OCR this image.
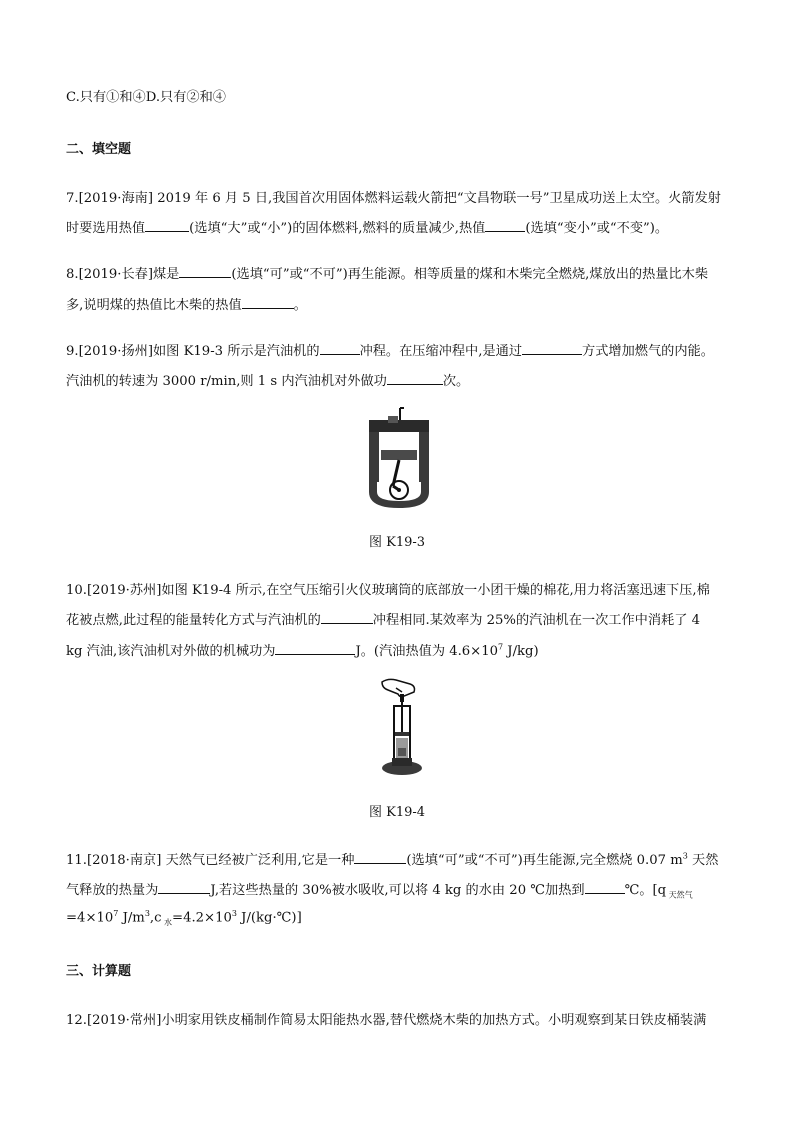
C.只有①和④D.只有②和④
二、填空题
7.[2019·海南] 2019 年 6 月 5 日,我国首次用固体燃料运载火箭把“文昌物联一号”卫星成功送上太空。火箭发射
时要选用热值	(选填“大”或“小”)的固体燃料,燃料的质量减少,热值	(选填“变小”或“不变”)。
8.[2019·长春]煤是	(选填“可”或“不可”)再生能源。相等质量的煤和木柴完全燃烧,煤放出的热量比木柴
多,说明煤的热值比木柴的热值	。
9.[2019·扬州]如图 K19-3 所示是汽油机的	冲程。在压缩冲程中,是通过	方式增加燃气的内能。
汽油机的转速为 3000 r/min,则 1 s 内汽油机对外做功	次。
图 K19-3
10.[2019·苏州]如图 K19-4 所示,在空气压缩引火仪玻璃筒的底部放一小团干燥的棉花,用力将活塞迅速下压,棉
花被点燃,此过程的能量转化方式与汽油机的	冲程相同.某效率为 25%的汽油机在一次工作中消耗了 4
kg 汽油,该汽油机对外做的机械功为	J。(汽油热值为 $4.6\times 10^7$ J/kg)
图 K19-4
11.[2018·南京] 天然气已经被广泛利用,它是一种	(选填“可”或“不可”)再生能源,完全燃烧 0.07 $m^3$ 天然
气释放的热量为	J,若这些热量的 30%被水吸收,可以将 4 kg 的水由 20 ℃加热到	℃。[q $_{天然气}$
$=4\times 10^7$ $J/m^3,c$ $_水=4.2\times 10^3$ J/(kg·℃)]
三、计算题
12.[2019·常州]小明家用铁皮桶制作简易太阳能热水器,替代燃烧木柴的加热方式。小明观察到某日铁皮桶装满
